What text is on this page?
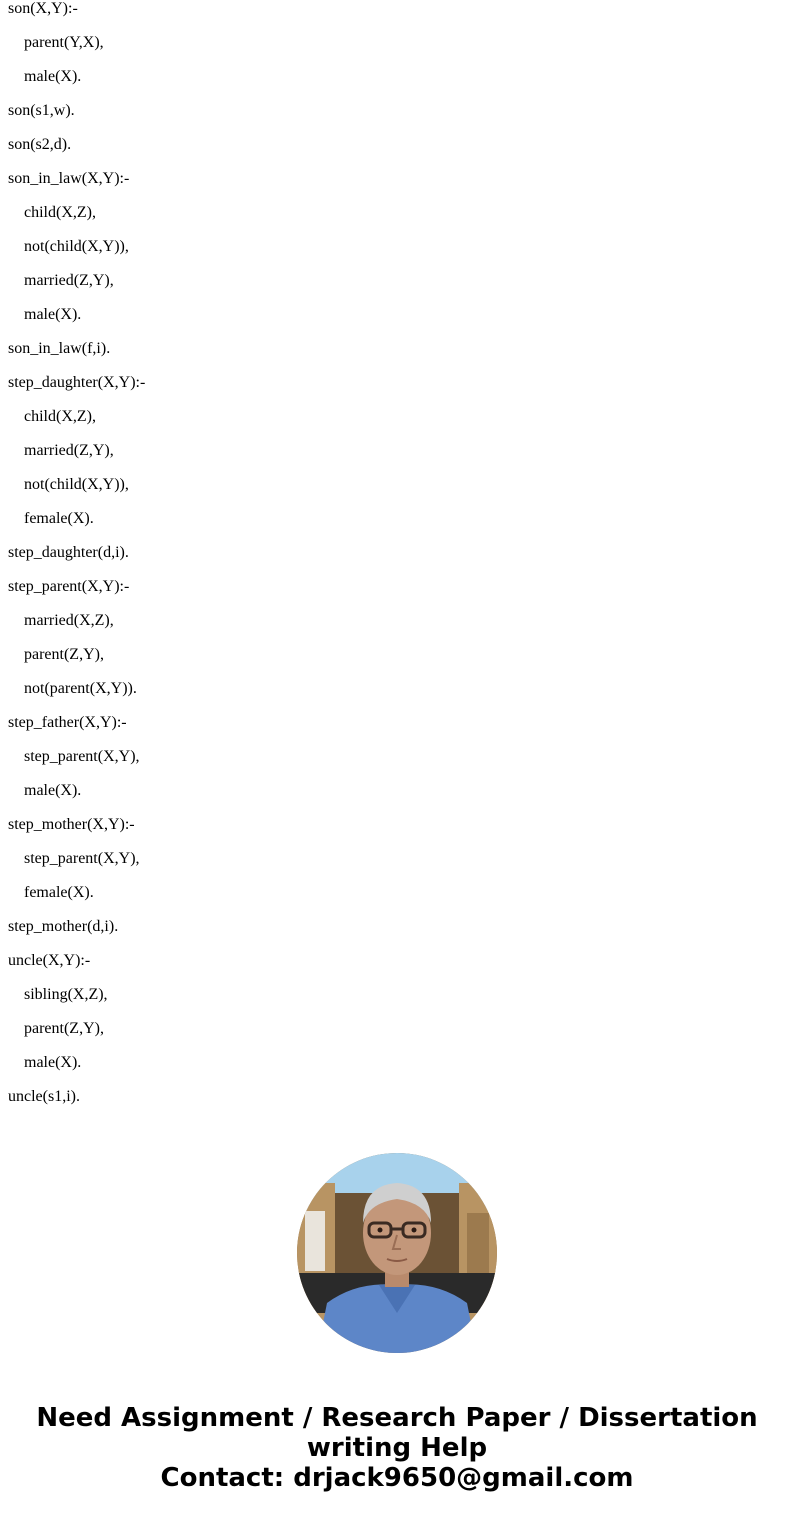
son(X,Y):-
parent(Y,X),
male(X).
son(s1,w).
son(s2,d).
son_in_law(X,Y):-
child(X,Z),
not(child(X,Y)),
married(Z,Y),
male(X).
son_in_law(f,i).
step_daughter(X,Y):-
child(X,Z),
married(Z,Y),
not(child(X,Y)),
female(X).
step_daughter(d,i).
step_parent(X,Y):-
married(X,Z),
parent(Z,Y),
not(parent(X,Y)).
step_father(X,Y):-
step_parent(X,Y),
male(X).
step_mother(X,Y):-
step_parent(X,Y),
female(X).
step_mother(d,i).
uncle(X,Y):-
sibling(X,Z),
parent(Z,Y),
male(X).
uncle(s1,i).
Need Assignment / Research Paper / Dissertation
writing Help
Contact: drjack9650@gmail.com
